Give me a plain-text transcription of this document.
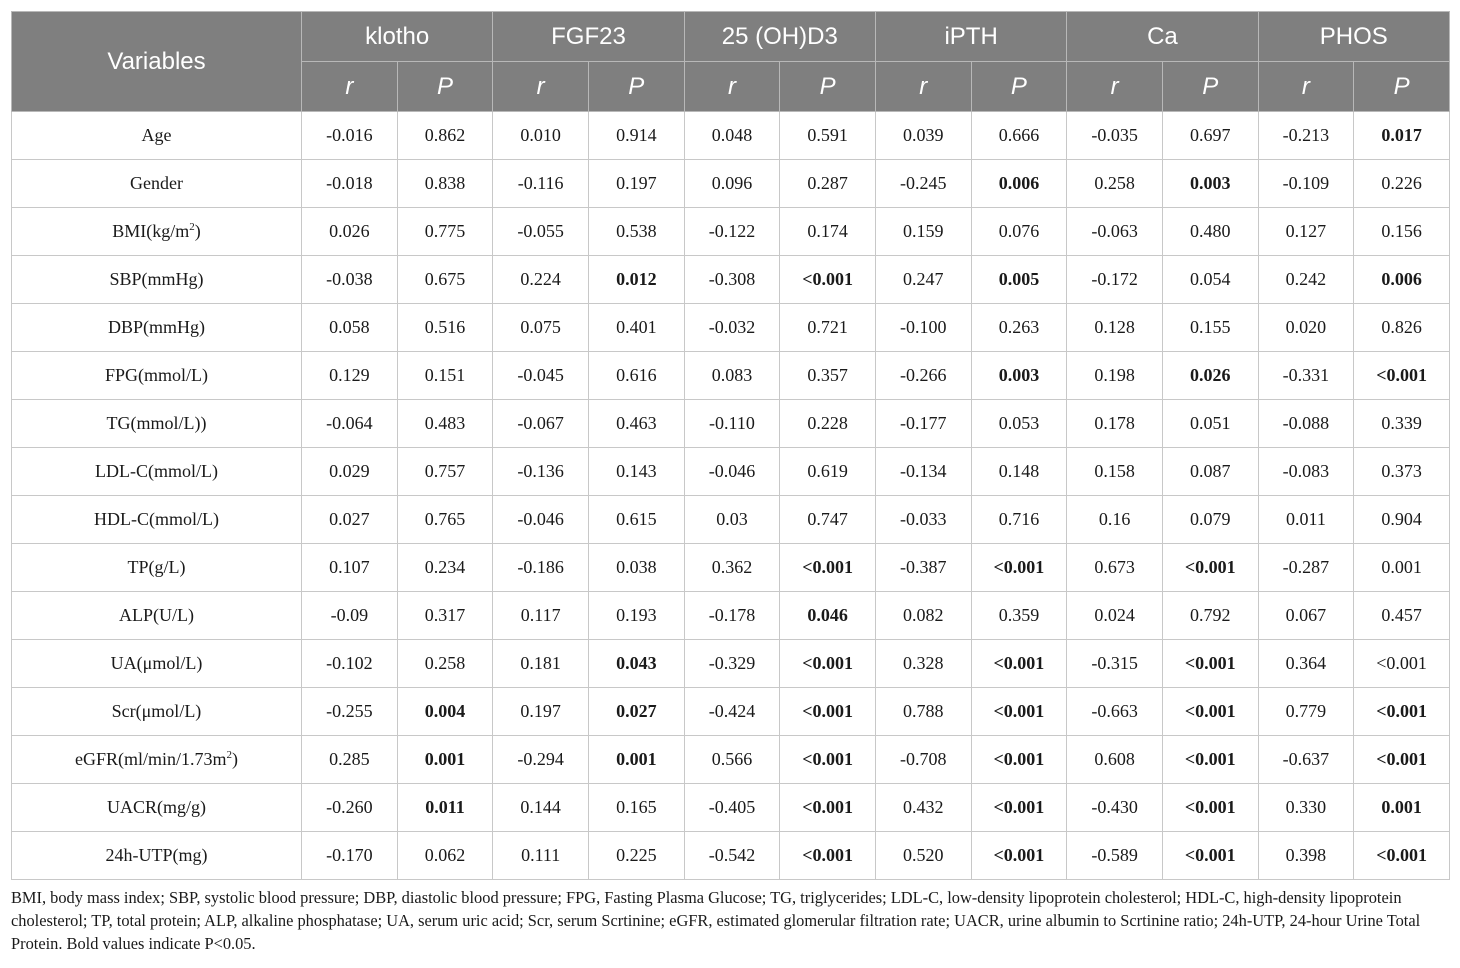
Variables	klotho		FGF23		25 (OH)D3		iPTH		Ca		PHOS	
	r	P	r	P	r	P	r	P	r	P	r	P
Age	-0.016	0.862	0.010	0.914	0.048	0.591	0.039	0.666	-0.035	0.697	-0.213	0.017
Gender	-0.018	0.838	-0.116	0.197	0.096	0.287	-0.245	0.006	0.258	0.003	-0.109	0.226
$BMI(kg/m^2)$	0.026	0.775	-0.055	0.538	-0.122	0.174	0.159	0.076	-0.063	0.480	0.127	0.156
SBP(mmHg)	-0.038	0.675	0.224	0.012	-0.308	<0.001	0.247	0.005	-0.172	0.054	0.242	0.006
DBP(mmHg)	0.058	0.516	0.075	0.401	-0.032	0.721	-0.100	0.263	0.128	0.155	0.020	0.826
FPG(mmol/L)	0.129	0.151	-0.045	0.616	0.083	0.357	-0.266	0.003	0.198	0.026	-0.331	<0.001
TG(mmol/L))	-0.064	0.483	-0.067	0.463	-0.110	0.228	-0.177	0.053	0.178	0.051	-0.088	0.339
LDL-C(mmol/L)	0.029	0.757	-0.136	0.143	-0.046	0.619	-0.134	0.148	0.158	0.087	-0.083	0.373
HDL-C(mmol/L)	0.027	0.765	-0.046	0.615	0.03	0.747	-0.033	0.716	0.16	0.079	0.011	0.904
TP(g/L)	0.107	0.234	-0.186	0.038	0.362	<0.001	-0.387	<0.001	0.673	<0.001	-0.287	0.001
ALP(U/L)	-0.09	0.317	0.117	0.193	-0.178	0.046	0.082	0.359	0.024	0.792	0.067	0.457
UA(μmol/L)	-0.102	0.258	0.181	0.043	-0.329	<0.001	0.328	<0.001	-0.315	<0.001	0.364	<0.001
Scr(μmol/L)	-0.255	0.004	0.197	0.027	-0.424	<0.001	0.788	<0.001	-0.663	<0.001	0.779	<0.001
$eGFR(ml/\min/1.73m^2)$	0.285	0.001	-0.294	0.001	0.566	<0.001	-0.708	<0.001	0.608	<0.001	-0.637	<0.001
UACR(mg/g)	-0.260	0.011	0.144	0.165	-0.405	<0.001	0.432	<0.001	-0.430	<0.001	0.330	0.001
24h-UTP(mg)	-0.170	0.062	0.111	0.225	-0.542	<0.001	0.520	<0.001	-0.589	<0.001	0.398	<0.001
BMI, body mass index; SBP, systolic blood pressure; DBP, diastolic blood pressure; FPG, Fasting Plasma Glucose; TG, triglycerides; LDL-C, low-density lipoprotein cholesterol; HDL-C, high-density lipoprotein cholesterol; TP, total protein; ALP, alkaline phosphatase; UA, serum uric acid; Scr, serum Scrtinine; eGFR, estimated glomerular filtration rate; UACR, urine albumin to Scrtinine ratio; 24h-UTP, 24-hour Urine Total Protein. Bold values indicate P<0.05.
